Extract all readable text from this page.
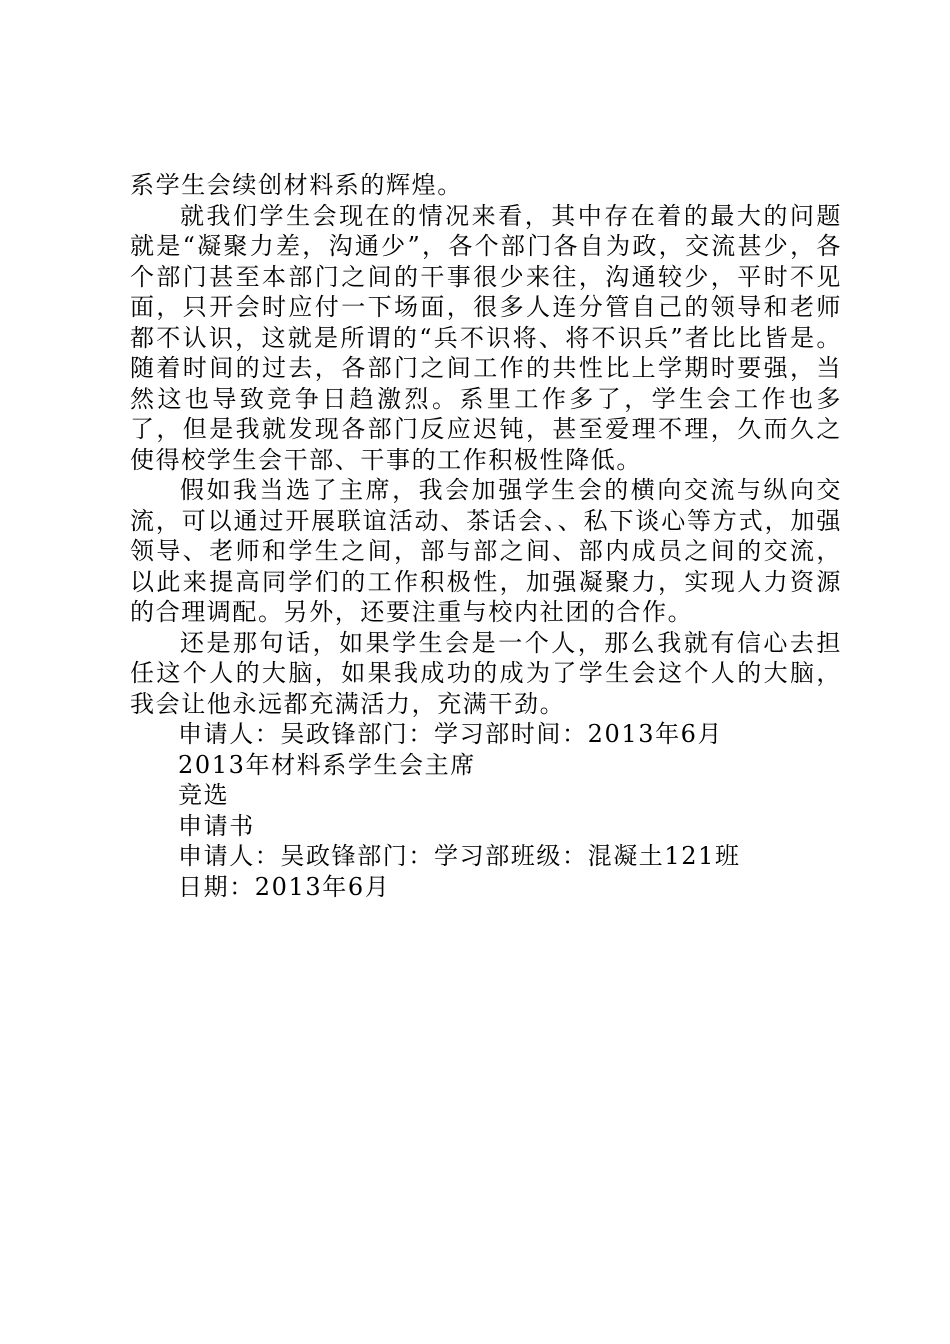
系学生会续创材料系的辉煌。

就我们学生会现在的情况来看，其中存在着的最大的问题就是“凝聚力差，沟通少”，各个部门各自为政，交流甚少，各个部门甚至本部门之间的干事很少来往，沟通较少，平时不见面，只开会时应付一下场面，很多人连分管自己的领导和老师都不认识，这就是所谓的“兵不识将、将不识兵”者比比皆是。随着时间的过去，各部门之间工作的共性比上学期时要强，当然这也导致竞争日趋激烈。系里工作多了，学生会工作也多了，但是我就发现各部门反应迟钝，甚至爱理不理，久而久之使得校学生会干部、干事的工作积极性降低。

假如我当选了主席，我会加强学生会的横向交流与纵向交流，可以通过开展联谊活动、茶话会、、私下谈心等方式，加强领导、老师和学生之间，部与部之间、部内成员之间的交流，以此来提高同学们的工作积极性，加强凝聚力，实现人力资源的合理调配。另外，还要注重与校内社团的合作。

还是那句话，如果学生会是一个人，那么我就有信心去担任这个人的大脑，如果我成功的成为了学生会这个人的大脑，我会让他永远都充满活力，充满干劲。

申请人：吴政锋部门：学习部时间：2013年6月

2013年材料系学生会主席

竞选

申请书

申请人：吴政锋部门：学习部班级：混凝土121班

日期：2013年6月
